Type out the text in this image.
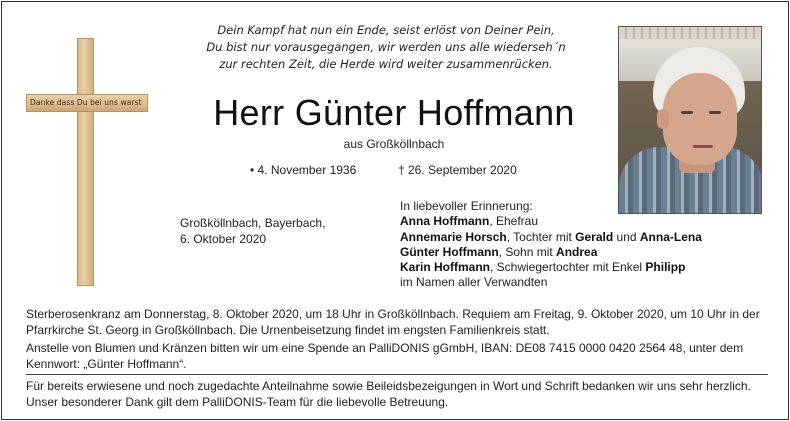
Danke dass Du bei uns warst
Dein Kampf hat nun ein Ende, seist erlöst von Deiner Pein,
Du bist nur vorausgegangen, wir werden uns alle wiederseh´n
zur rechten Zeit, die Herde wird weiter zusammenrücken.
Herr Günter Hoffmann
aus Großköllnbach
• 4. November 1936	† 26. September 2020
Großköllnbach, Bayerbach,
6. Oktober 2020
In liebevoller Erinnerung:
Anna Hoffmann, Ehefrau
Annemarie Horsch, Tochter mit Gerald und Anna-Lena
Günter Hoffmann, Sohn mit Andrea
Karin Hoffmann, Schwiegertochter mit Enkel Philipp
im Namen aller Verwandten
Sterberosenkranz am Donnerstag, 8. Oktober 2020, um 18 Uhr in Großköllnbach. Requiem am Freitag, 9. Oktober 2020, um 10 Uhr in der Pfarrkirche St. Georg in Großköllnbach. Die Urnenbeisetzung findet im engsten Familienkreis statt.
Anstelle von Blumen und Kränzen bitten wir um eine Spende an PalliDONIS gGmbH, IBAN: DE08 7415 0000 0420 2564 48, unter dem Kennwort: „Günter Hoffmann“.
Für bereits erwiesene und noch zugedachte Anteilnahme sowie Beileidsbezeigungen in Wort und Schrift bedanken wir uns sehr herzlich. Unser besonderer Dank gilt dem PalliDONIS-Team für die liebevolle Betreuung.
